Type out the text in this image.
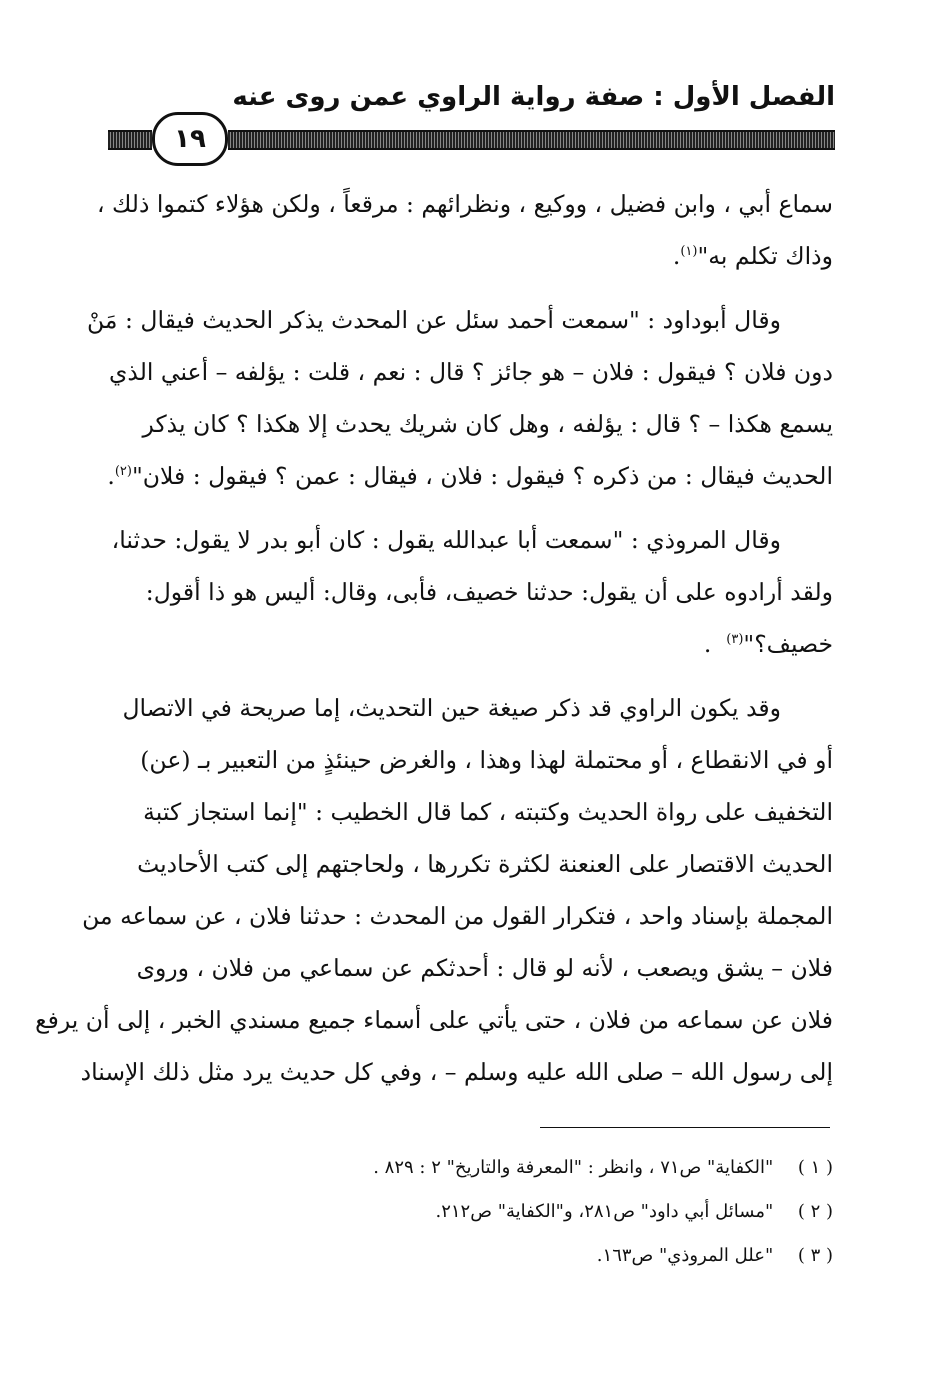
الفصل الأول : صفة رواية الراوي عمن روى عنه
١٩
سماع أبي ، وابن فضيل ، ووكيع ، ونظرائهم : مرقعاً ، ولكن هؤلاء كتموا ذلك ،
وذاك تكلم به"$^{(١)}$.
وقال أبوداود : "سمعت أحمد سئل عن المحدث يذكر الحديث فيقال : مَنْ
دون فلان ؟ فيقول : فلان – هو جائز ؟ قال : نعم ، قلت : يؤلفه – أعني الذي
يسمع هكذا – ؟ قال : يؤلفه ، وهل كان شريك يحدث إلا هكذا ؟ كان يذكر
الحديث فيقال : من ذكره ؟ فيقول : فلان ، فيقال : عمن ؟ فيقول : فلان"$^{(٢)}$.
وقال المروذي : "سمعت أبا عبدالله يقول : كان أبو بدر لا يقول: حدثنا،
ولقد أرادوه على أن يقول: حدثنا خصيف، فأبى، وقال: أليس هو ذا أقول:
خصيف؟"$^{(٣)}$  .
وقد يكون الراوي قد ذكر صيغة حين التحديث، إما صريحة في الاتصال
أو في الانقطاع ، أو محتملة لهذا وهذا ، والغرض حينئذٍ من التعبير بـ (عن)
التخفيف على رواة الحديث وكتبته ، كما قال الخطيب : "إنما استجاز كتبة
الحديث الاقتصار على العنعنة لكثرة تكررها ، ولحاجتهم إلى كتب الأحاديث
المجملة بإسناد واحد ، فتكرار القول من المحدث : حدثنا فلان ، عن سماعه من
فلان – يشق ويصعب ، لأنه لو قال : أحدثكم عن سماعي من فلان ، وروى
فلان عن سماعه من فلان ، حتى يأتي على أسماء جميع مسندي الخبر ، إلى أن يرفع
إلى رسول الله – صلى الله عليه وسلم – ، وفي كل حديث يرد مثل ذلك الإسناد
( ١ ) "الكفاية" ص٧١ ، وانظر : "المعرفة والتاريخ" ٢ : ٨٢٩ .
( ٢ ) "مسائل أبي داود" ص٢٨١، و"الكفاية" ص٢١٢.
( ٣ ) "علل المروذي" ص١٦٣.
